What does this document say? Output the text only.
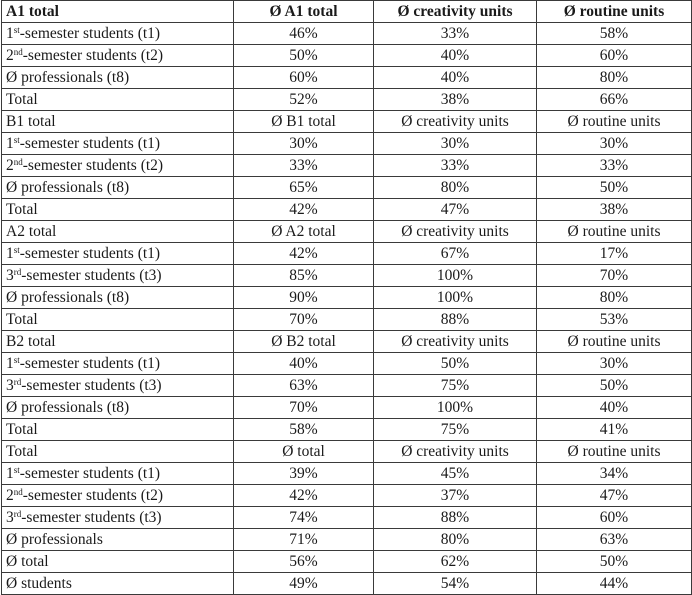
A1 total	Ø A1 total	Ø creativity units	Ø routine units
1st-semester students (t1)	46%	33%	58%
2nd-semester students (t2)	50%	40%	60%
Ø professionals (t8)	60%	40%	80%
Total	52%	38%	66%
B1 total	Ø B1 total	Ø creativity units	Ø routine units
1st-semester students (t1)	30%	30%	30%
2nd-semester students (t2)	33%	33%	33%
Ø professionals (t8)	65%	80%	50%
Total	42%	47%	38%
A2 total	Ø A2 total	Ø creativity units	Ø routine units
1st-semester students (t1)	42%	67%	17%
3rd-semester students (t3)	85%	100%	70%
Ø professionals (t8)	90%	100%	80%
Total	70%	88%	53%
B2 total	Ø B2 total	Ø creativity units	Ø routine units
1st-semester students (t1)	40%	50%	30%
3rd-semester students (t3)	63%	75%	50%
Ø professionals (t8)	70%	100%	40%
Total	58%	75%	41%
Total	Ø total	Ø creativity units	Ø routine units
1st-semester students (t1)	39%	45%	34%
2nd-semester students (t2)	42%	37%	47%
3rd-semester students (t3)	74%	88%	60%
Ø professionals	71%	80%	63%
Ø total	56%	62%	50%
Ø students	49%	54%	44%
